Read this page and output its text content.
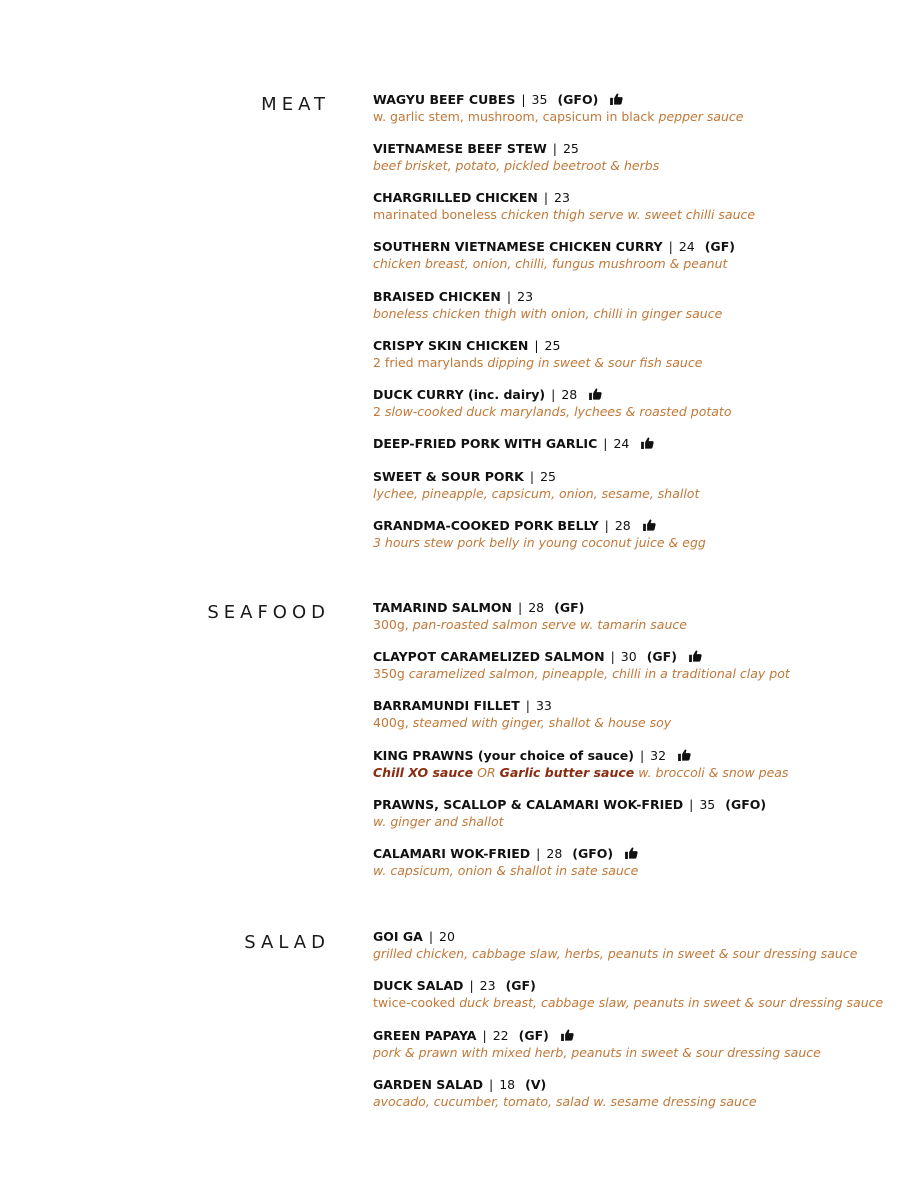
MEAT	WAGYU BEEF CUBES | 35 (GFO)
w. garlic stem, mushroom, capsicum in black pepper sauce
VIETNAMESE BEEF STEW | 25
beef brisket, potato, pickled beetroot & herbs
CHARGRILLED CHICKEN | 23
marinated boneless chicken thigh serve w. sweet chilli sauce
SOUTHERN VIETNAMESE CHICKEN CURRY | 24 (GF)
chicken breast, onion, chilli, fungus mushroom & peanut
BRAISED CHICKEN | 23
boneless chicken thigh with onion, chilli in ginger sauce
CRISPY SKIN CHICKEN | 25
2 fried marylands dipping in sweet & sour fish sauce
DUCK CURRY (inc. dairy) | 28
2 slow-cooked duck marylands, lychees & roasted potato
DEEP-FRIED PORK WITH GARLIC | 24
SWEET & SOUR PORK | 25
lychee, pineapple, capsicum, onion, sesame, shallot
GRANDMA-COOKED PORK BELLY | 28
3 hours stew pork belly in young coconut juice & egg
SEAFOOD	TAMARIND SALMON | 28 (GF)
300g, pan-roasted salmon serve w. tamarin sauce
CLAYPOT CARAMELIZED SALMON | 30 (GF)
350g caramelized salmon, pineapple, chilli in a traditional clay pot
BARRAMUNDI FILLET | 33
400g, steamed with ginger, shallot & house soy
KING PRAWNS (your choice of sauce) | 32
Chill XO sauce OR Garlic butter sauce w. broccoli & snow peas
PRAWNS, SCALLOP & CALAMARI WOK-FRIED | 35 (GFO)
w. ginger and shallot
CALAMARI WOK-FRIED | 28 (GFO)
w. capsicum, onion & shallot in sate sauce
SALAD	GOI GA | 20
grilled chicken, cabbage slaw, herbs, peanuts in sweet & sour dressing sauce
DUCK SALAD | 23 (GF)
twice-cooked duck breast, cabbage slaw, peanuts in sweet & sour dressing sauce
GREEN PAPAYA | 22 (GF)
pork & prawn with mixed herb, peanuts in sweet & sour dressing sauce
GARDEN SALAD | 18 (V)
avocado, cucumber, tomato, salad w. sesame dressing sauce
